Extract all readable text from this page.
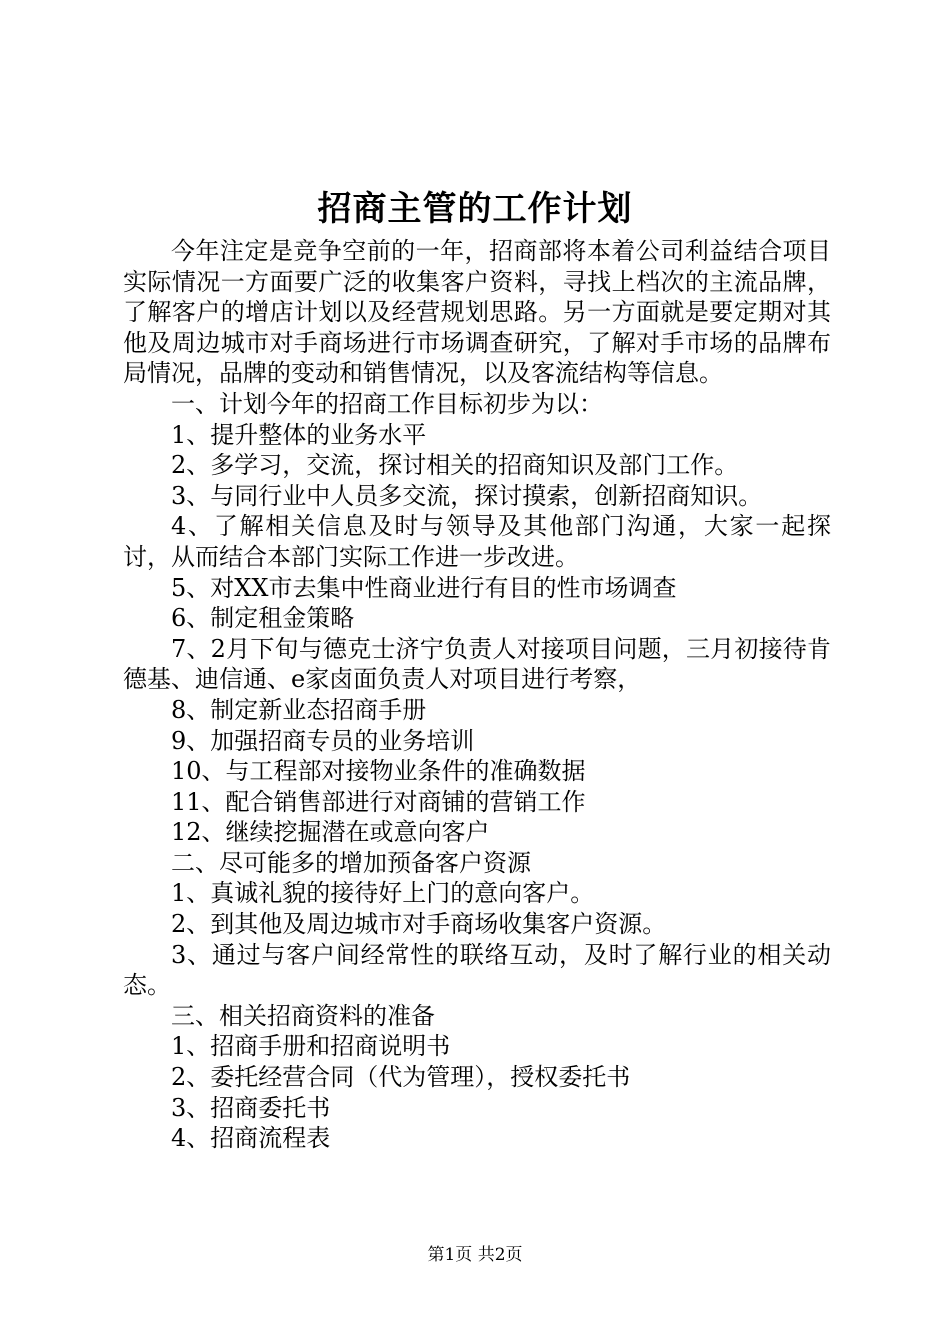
招商主管的工作计划

今年注定是竞争空前的一年，招商部将本着公司利益结合项目实际情况一方面要广泛的收集客户资料，寻找上档次的主流品牌，了解客户的增店计划以及经营规划思路。另一方面就是要定期对其他及周边城市对手商场进行市场调查研究，了解对手市场的品牌布局情况，品牌的变动和销售情况，以及客流结构等信息。

一、计划今年的招商工作目标初步为以：

1、提升整体的业务水平

2、多学习，交流，探讨相关的招商知识及部门工作。

3、与同行业中人员多交流，探讨摸索，创新招商知识。

4、了解相关信息及时与领导及其他部门沟通，大家一起探讨，从而结合本部门实际工作进一步改进。

5、对XX市去集中性商业进行有目的性市场调查

6、制定租金策略

7、2月下旬与德克士济宁负责人对接项目问题，三月初接待肯德基、迪信通、e家卤面负责人对项目进行考察，

8、制定新业态招商手册

9、加强招商专员的业务培训

10、与工程部对接物业条件的准确数据

11、配合销售部进行对商铺的营销工作

12、继续挖掘潜在或意向客户

二、尽可能多的增加预备客户资源

1、真诚礼貌的接待好上门的意向客户。

2、到其他及周边城市对手商场收集客户资源。

3、通过与客户间经常性的联络互动，及时了解行业的相关动态。

三、相关招商资料的准备

1、招商手册和招商说明书

2、委托经营合同（代为管理），授权委托书

3、招商委托书

4、招商流程表

第1页 共2页
